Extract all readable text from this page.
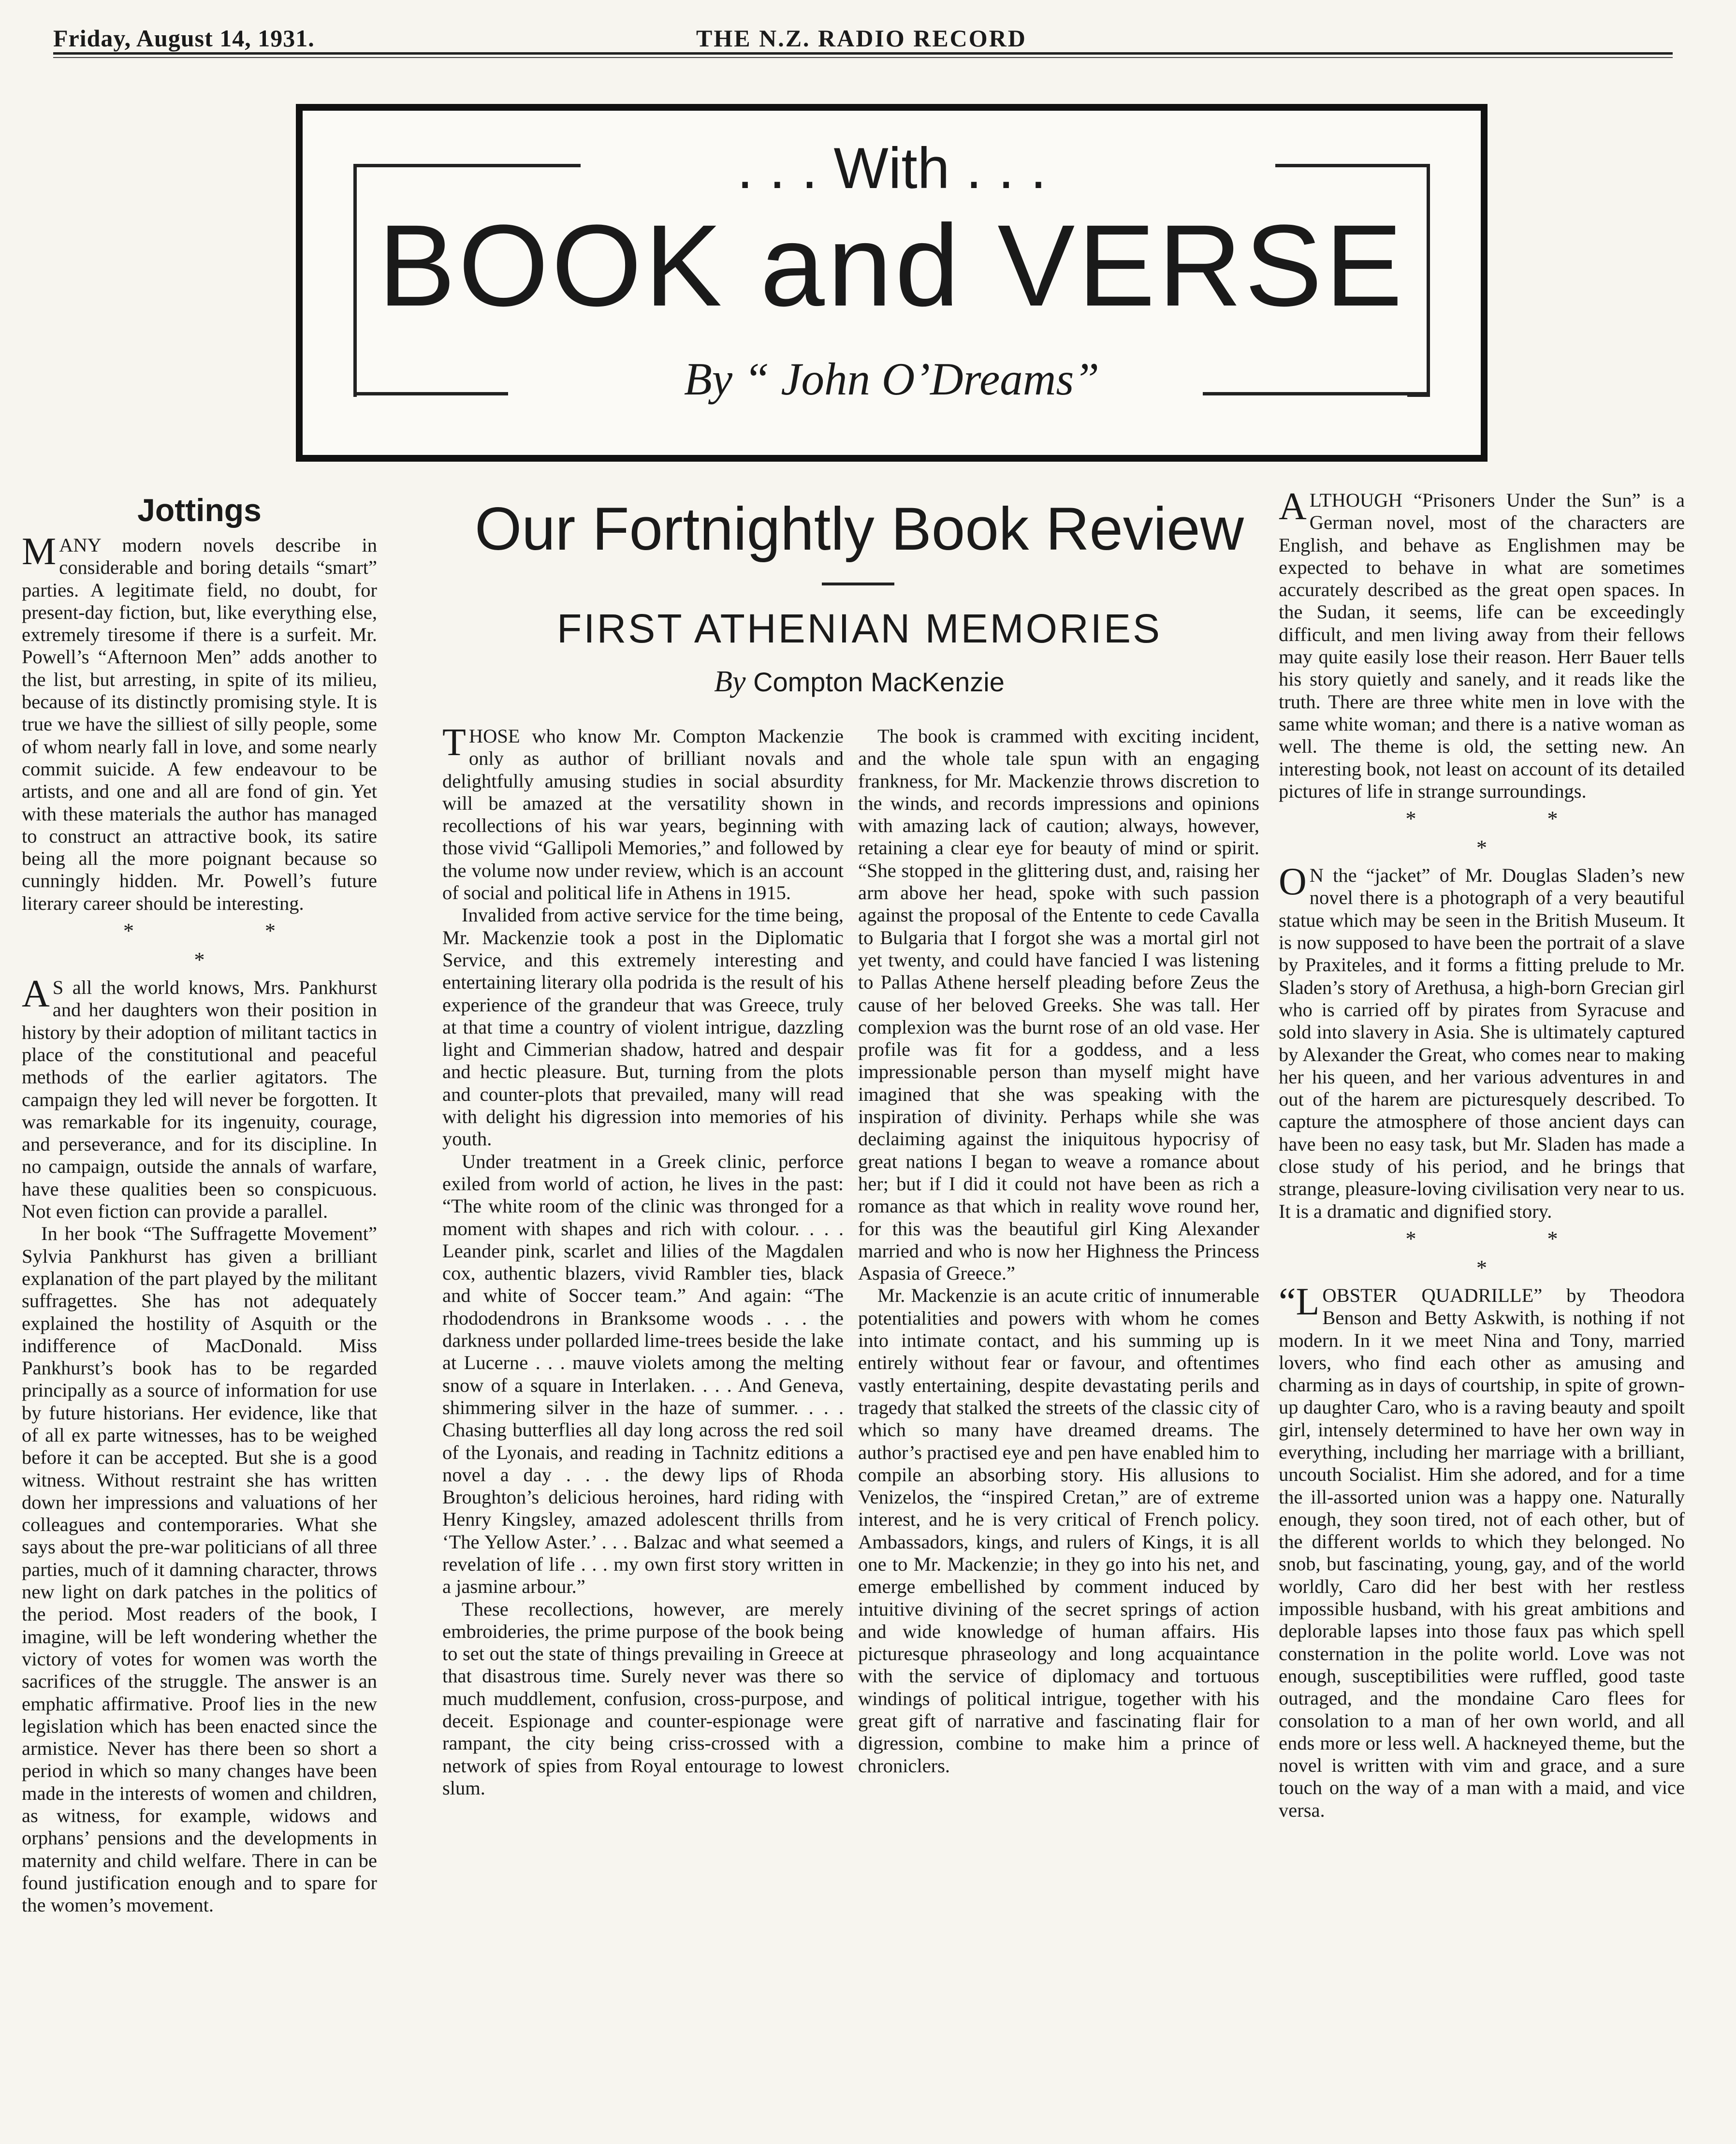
Friday, August 14, 1931.	THE N.Z. RADIO RECORD
. . . With . . .
BOOK and VERSE
By “ John O’Dreams”
Jottings

MANY modern novels describe in considerable and boring details “smart” parties. A legitimate field, no doubt, for present-day fiction, but, like everything else, extremely tiresome if there is a surfeit. Mr. Powell’s “Afternoon Men” adds another to the list, but arresting, in spite of its milieu, because of its distinctly promising style. It is true we have the silliest of silly people, some of whom nearly fall in love, and some nearly commit suicide. A few endeavour to be artists, and one and all are fond of gin. Yet with these materials the author has managed to construct an attractive book, its satire being all the more poignant because so cunningly hidden. Mr. Powell’s future literary career should be interesting.

* * *

A S all the world knows, Mrs. Pankhurst and her daughters won their position in history by their adoption of militant tactics in place of the constitutional and peaceful methods of the earlier agitators. The campaign they led will never be forgotten. It was remarkable for its ingenuity, courage, and perseverance, and for its discipline. In no campaign, outside the annals of warfare, have these qualities been so conspicuous. Not even fiction can provide a parallel.

In her book “The Suffragette Movement” Sylvia Pankhurst has given a brilliant explanation of the part played by the militant suffragettes. She has not adequately explained the hostility of Asquith or the indifference of MacDonald. Miss Pankhurst’s book has to be regarded principally as a source of information for use by future historians. Her evidence, like that of all ex parte witnesses, has to be weighed before it can be accepted. But she is a good witness. Without restraint she has written down her impressions and valuations of her colleagues and contemporaries. What she says about the pre-war politicians of all three parties, much of it damning character, throws new light on dark patches in the politics of the period. Most readers of the book, I imagine, will be left wondering whether the victory of votes for women was worth the sacrifices of the struggle. The answer is an emphatic affirmative. Proof lies in the new legislation which has been enacted since the armistice. Never has there been so short a period in which so many changes have been made in the interests of women and children, as witness, for example, widows and orphans’ pensions and the developments in maternity and child welfare. There in can be found justification enough and to spare for the women’s movement.

Our Fortnightly Book Review
FIRST ATHENIAN MEMORIES
By Compton MacKenzie

THOSE who know Mr. Compton Mackenzie only as author of brilliant novals and delightfully amusing studies in social absurdity will be amazed at the versatility shown in recollections of his war years, beginning with those vivid “Gallipoli Memories,” and followed by the volume now under review, which is an account of social and political life in Athens in 1915.

Invalided from active service for the time being, Mr. Mackenzie took a post in the Diplomatic Service, and this extremely interesting and entertaining literary olla podrida is the result of his experience of the grandeur that was Greece, truly at that time a country of violent intrigue, dazzling light and Cimmerian shadow, hatred and despair and hectic pleasure. But, turning from the plots and counter-plots that prevailed, many will read with delight his digression into memories of his youth.

Under treatment in a Greek clinic, perforce exiled from world of action, he lives in the past: “The white room of the clinic was thronged for a moment with shapes and rich with colour. . . . Leander pink, scarlet and lilies of the Magdalen cox, authentic blazers, vivid Rambler ties, black and white of Soccer team.” And again: “The rhododendrons in Branksome woods . . . the darkness under pollarded lime-trees beside the lake at Lucerne . . . mauve violets among the melting snow of a square in Interlaken. . . . And Geneva, shimmering silver in the haze of summer. . . . Chasing butterflies all day long across the red soil of the Lyonais, and reading in Tachnitz editions a novel a day . . . the dewy lips of Rhoda Broughton’s delicious heroines, hard riding with Henry Kingsley, amazed adolescent thrills from ‘The Yellow Aster.’ . . . Balzac and what seemed a revelation of life . . . my own first story written in a jasmine arbour.”

These recollections, however, are merely embroideries, the prime purpose of the book being to set out the state of things prevailing in Greece at that disastrous time. Surely never was there so much muddlement, confusion, cross-purpose, and deceit. Espionage and counter-espionage were rampant, the city being criss-crossed with a network of spies from Royal entourage to lowest slum.

The book is crammed with exciting incident, and the whole tale spun with an engaging frankness, for Mr. Mackenzie throws discretion to the winds, and records impressions and opinions with amazing lack of caution; always, however, retaining a clear eye for beauty of mind or spirit. “She stopped in the glittering dust, and, raising her arm above her head, spoke with such passion against the proposal of the Entente to cede Cavalla to Bulgaria that I forgot she was a mortal girl not yet twenty, and could have fancied I was listening to Pallas Athene herself pleading before Zeus the cause of her beloved Greeks. She was tall. Her complexion was the burnt rose of an old vase. Her profile was fit for a goddess, and a less impressionable person than myself might have imagined that she was speaking with the inspiration of divinity. Perhaps while she was declaiming against the iniquitous hypocrisy of great nations I began to weave a romance about her; but if I did it could not have been as rich a romance as that which in reality wove round her, for this was the beautiful girl King Alexander married and who is now her Highness the Princess Aspasia of Greece.”

Mr. Mackenzie is an acute critic of innumerable potentialities and powers with whom he comes into intimate contact, and his summing up is entirely without fear or favour, and oftentimes vastly entertaining, despite devastating perils and tragedy that stalked the streets of the classic city of which so many have dreamed dreams. The author’s practised eye and pen have enabled him to compile an absorbing story. His allusions to Venizelos, the “inspired Cretan,” are of extreme interest, and he is very critical of French policy. Ambassadors, kings, and rulers of Kings, it is all one to Mr. Mackenzie; in they go into his net, and emerge embellished by comment induced by intuitive divining of the secret springs of action and wide knowledge of human affairs. His picturesque phraseology and long acquaintance with the service of diplomacy and tortuous windings of political intrigue, together with his great gift of narrative and fascinating flair for digression, combine to make him a prince of chroniclers.

ALTHOUGH “Prisoners Under the Sun” is a German novel, most of the characters are English, and behave as Englishmen may be expected to behave in what are sometimes accurately described as the great open spaces. In the Sudan, it seems, life can be exceedingly difficult, and men living away from their fellows may quite easily lose their reason. Herr Bauer tells his story quietly and sanely, and it reads like the truth. There are three white men in love with the same white woman; and there is a native woman as well. The theme is old, the setting new. An interesting book, not least on account of its detailed pictures of life in strange surroundings.

* * *

O N the “jacket” of Mr. Douglas Sladen’s new novel there is a photograph of a very beautiful statue which may be seen in the British Museum. It is now supposed to have been the portrait of a slave by Praxiteles, and it forms a fitting prelude to Mr. Sladen’s story of Arethusa, a high-born Grecian girl who is carried off by pirates from Syracuse and sold into slavery in Asia. She is ultimately captured by Alexander the Great, who comes near to making her his queen, and her various adventures in and out of the harem are picturesquely described. To capture the atmosphere of those ancient days can have been no easy task, but Mr. Sladen has made a close study of his period, and he brings that strange, pleasure-loving civilisation very near to us. It is a dramatic and dignified story.

* * *

“LOBSTER QUADRILLE” by Theodora Benson and Betty Askwith, is nothing if not modern. In it we meet Nina and Tony, married lovers, who find each other as amusing and charming as in days of courtship, in spite of grown-up daughter Caro, who is a raving beauty and spoilt girl, intensely determined to have her own way in everything, including her marriage with a brilliant, uncouth Socialist. Him she adored, and for a time the ill-assorted union was a happy one. Naturally enough, they soon tired, not of each other, but of the different worlds to which they belonged. No snob, but fascinating, young, gay, and of the world worldly, Caro did her best with her restless impossible husband, with his great ambitions and deplorable lapses into those faux pas which spell consternation in the polite world. Love was not enough, susceptibilities were ruffled, good taste outraged, and the mondaine Caro flees for consolation to a man of her own world, and all ends more or less well. A hackneyed theme, but the novel is written with vim and grace, and a sure touch on the way of a man with a maid, and vice versa.
